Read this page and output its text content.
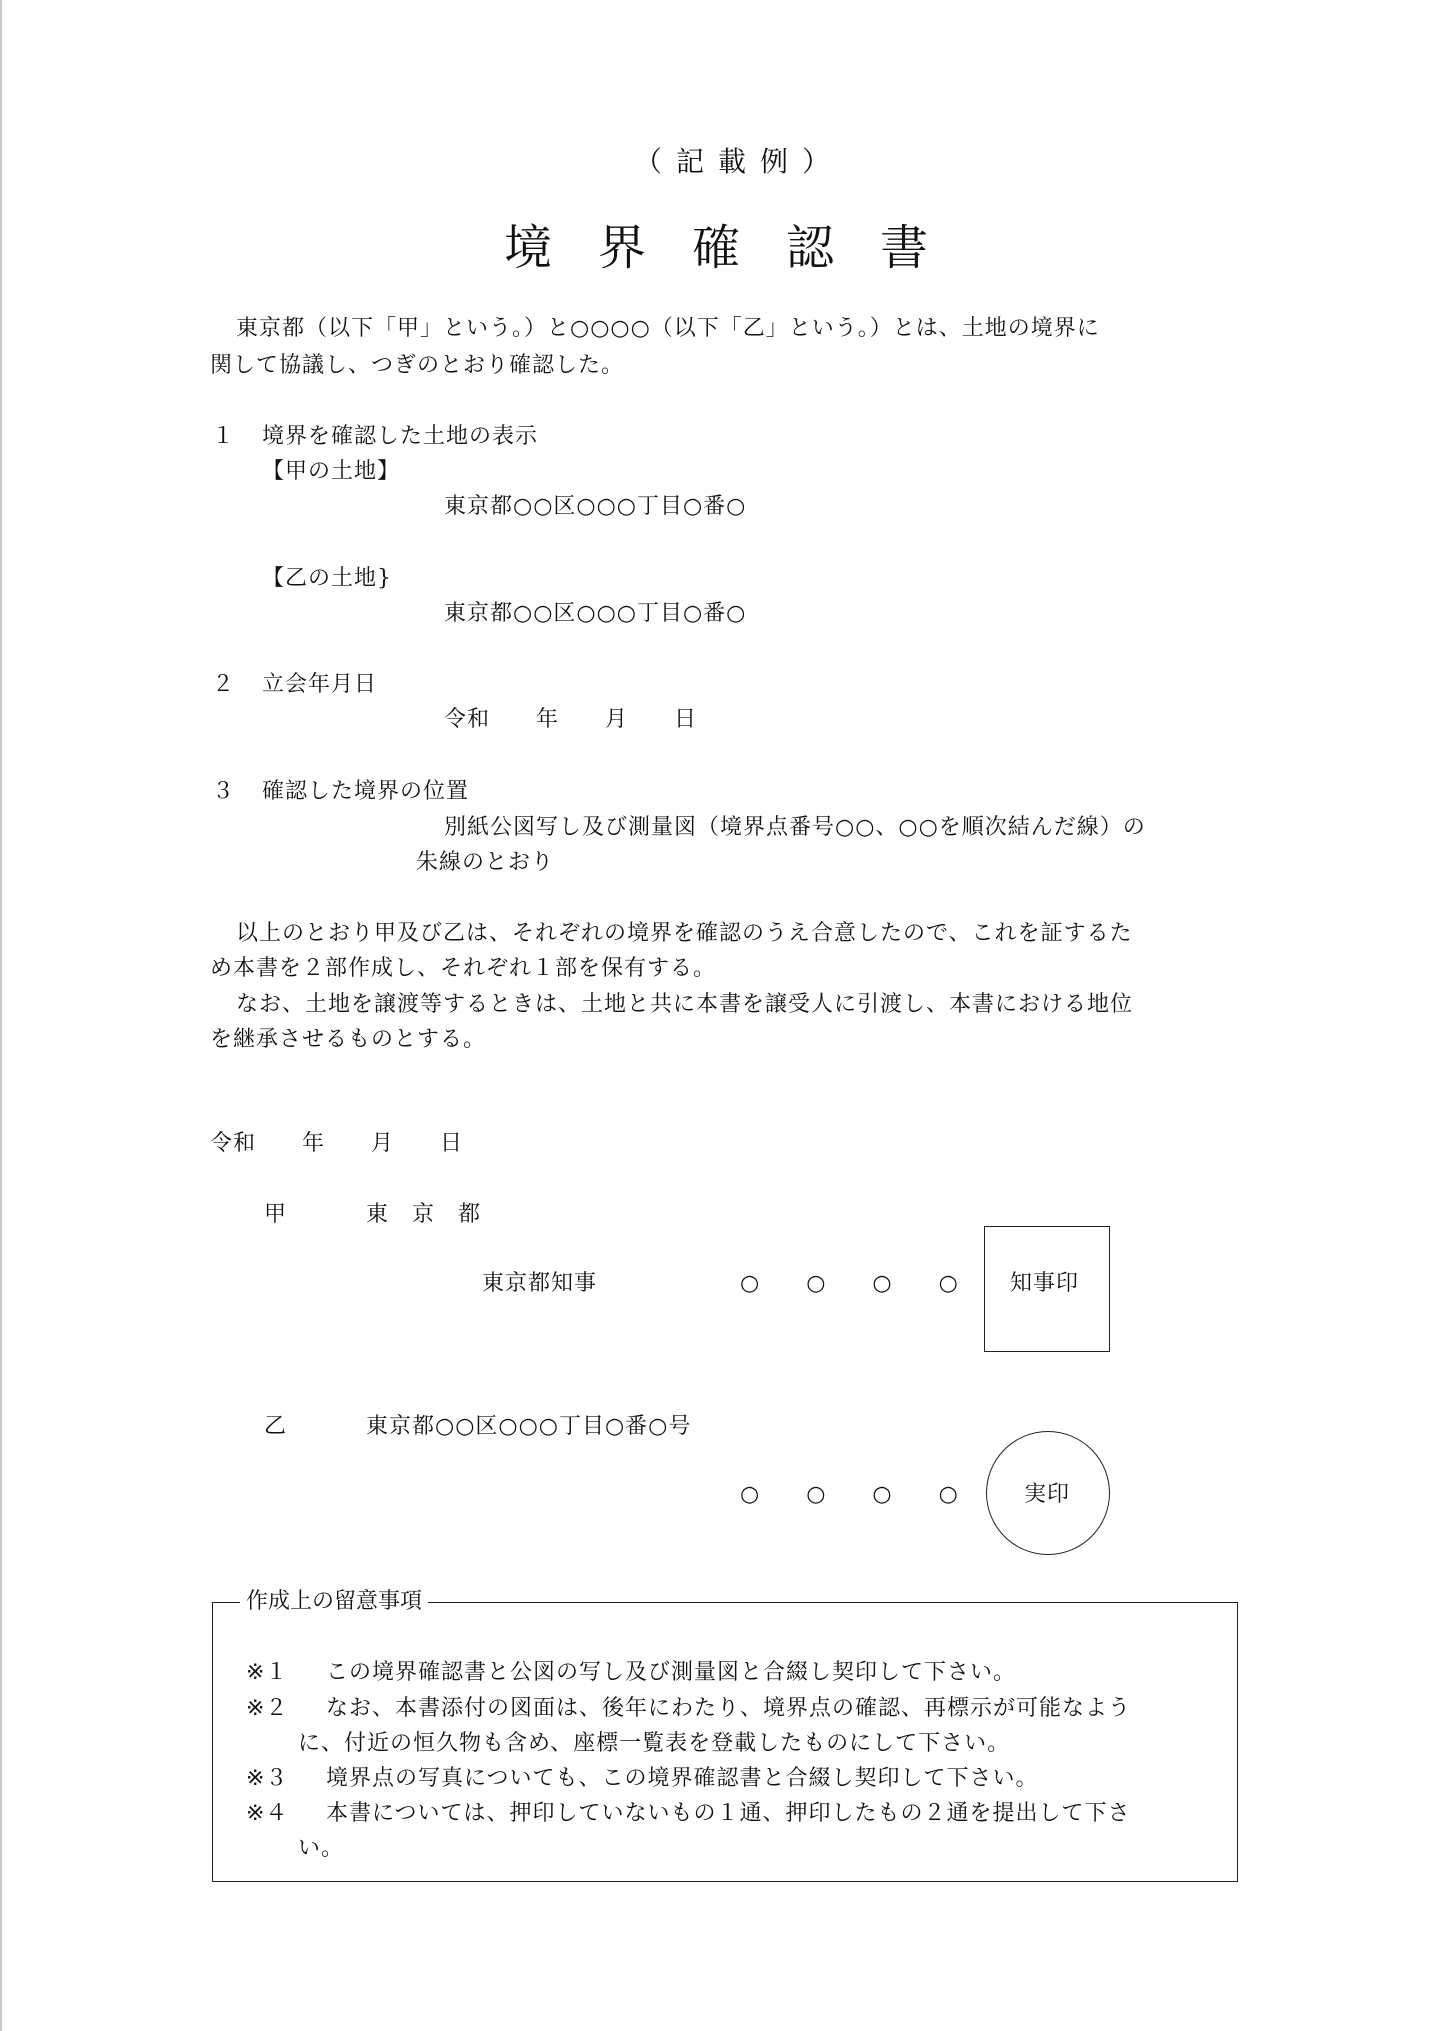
（記載例）
境界確認書
東京都（以下「甲」という。）と○○○○（以下「乙」という。）とは、土地の境界に
関して協議し、つぎのとおり確認した。
１ 境界を確認した土地の表示
【甲の土地】
東京都○○区○○○丁目○番○
【乙の土地}
東京都○○区○○○丁目○番○
２ 立会年月日
令和　　年　　月　　日
３ 確認した境界の位置
別紙公図写し及び測量図（境界点番号○○、○○を順次結んだ線）の
朱線のとおり
以上のとおり甲及び乙は、それぞれの境界を確認のうえ合意したので、これを証するた
め本書を２部作成し、それぞれ１部を保有する。
なお、土地を譲渡等するときは、土地と共に本書を譲受人に引渡し、本書における地位
を継承させるものとする。
令和　　年　　月　　日
甲	東　京　都
東京都知事	○　　○　　○　　○ 知事印
乙	東京都○○区○○○丁目○番○号
○　　○　　○　　○	実印
作成上の留意事項
※１ この境界確認書と公図の写し及び測量図と合綴し契印して下さい。
※２ なお、本書添付の図面は、後年にわたり、境界点の確認、再標示が可能なよう
に、付近の恒久物も含め、座標一覧表を登載したものにして下さい。
※３ 境界点の写真についても、この境界確認書と合綴し契印して下さい。
※４ 本書については、押印していないもの１通、押印したもの２通を提出して下さ
い。
